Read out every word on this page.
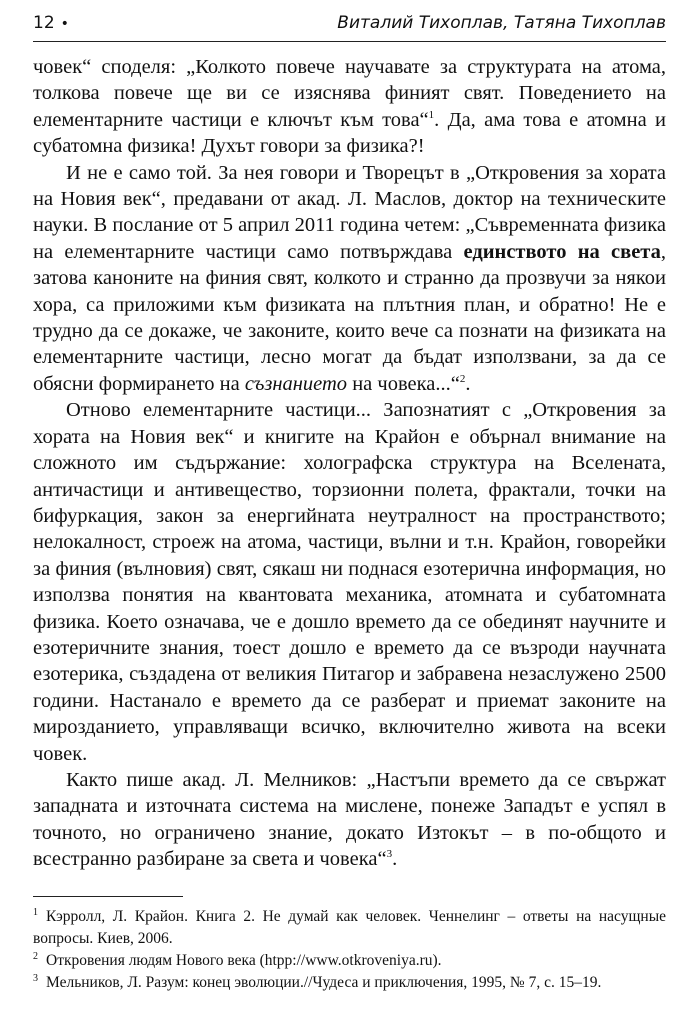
12 •	Виталий Тихоплав, Татяна Тихоплав

човек“ споделя: „Колкото повече научавате за структурата на атома, толкова повече ще ви се изяснява финият свят. Поведението на елементарните частици е ключът към това“$^1$. Да, ама това е атомна и субатомна физика! Духът говори за физика?!

И не е само той. За нея говори и Творецът в „Откровения за хората на Новия век“, предавани от акад. Л. Маслов, доктор на техническите науки. В послание от 5 април 2011 година четем: „Съвременната физика на елементарните частици само потвърждава единството на света, затова каноните на финия свят, колкото и странно да прозвучи за някои хора, са приложими към физиката на плътния план, и обратно! Не е трудно да се докаже, че законите, които вече са познати на физиката на елементарните частици, лесно могат да бъдат използвани, за да се обясни формирането на съзнанието на човека...“$^2$.

Отново елементарните частици... Запознатият с „Откровения за хората на Новия век“ и книгите на Крайон е обърнал внимание на сложното им съдържание: холографска структура на Вселената, античастици и антивещество, торзионни полета, фрактали, точки на бифуркация, закон за енергийната неутралност на пространството; нелокалност, строеж на атома, частици, вълни и т.н. Крайон, говорейки за финия (вълновия) свят, сякаш ни поднася езотерична информация, но използва понятия на квантовата механика, атомната и субатомната физика. Което означава, че е дошло времето да се обединят научните и езотеричните знания, тоест дошло е времето да се възроди научната езотерика, създадена от великия Питагор и забравена незаслужено 2500 години. Настанало е времето да се разберат и приемат законите на мирозданието, управляващи всичко, включително живота на всеки човек.

Както пише акад. Л. Мелников: „Настъпи времето да се свържат западната и източната система на мислене, понеже Западът е успял в точното, но ограничено знание, докато Изтокът – в по-общото и всестранно разбиране за света и човека“$^3$.

$^1$ Кэрролл, Л. Крайон. Книга 2. Не думай как человек. Ченнелинг – ответы на насущные вопросы. Киев, 2006.

$^2$ Откровения людям Нового века (htpp://www.otkroveniya.ru).

$^3$ Мельников, Л. Разум: конец эволюции.//Чудеса и приключения, 1995, № 7, с. 15–19.
